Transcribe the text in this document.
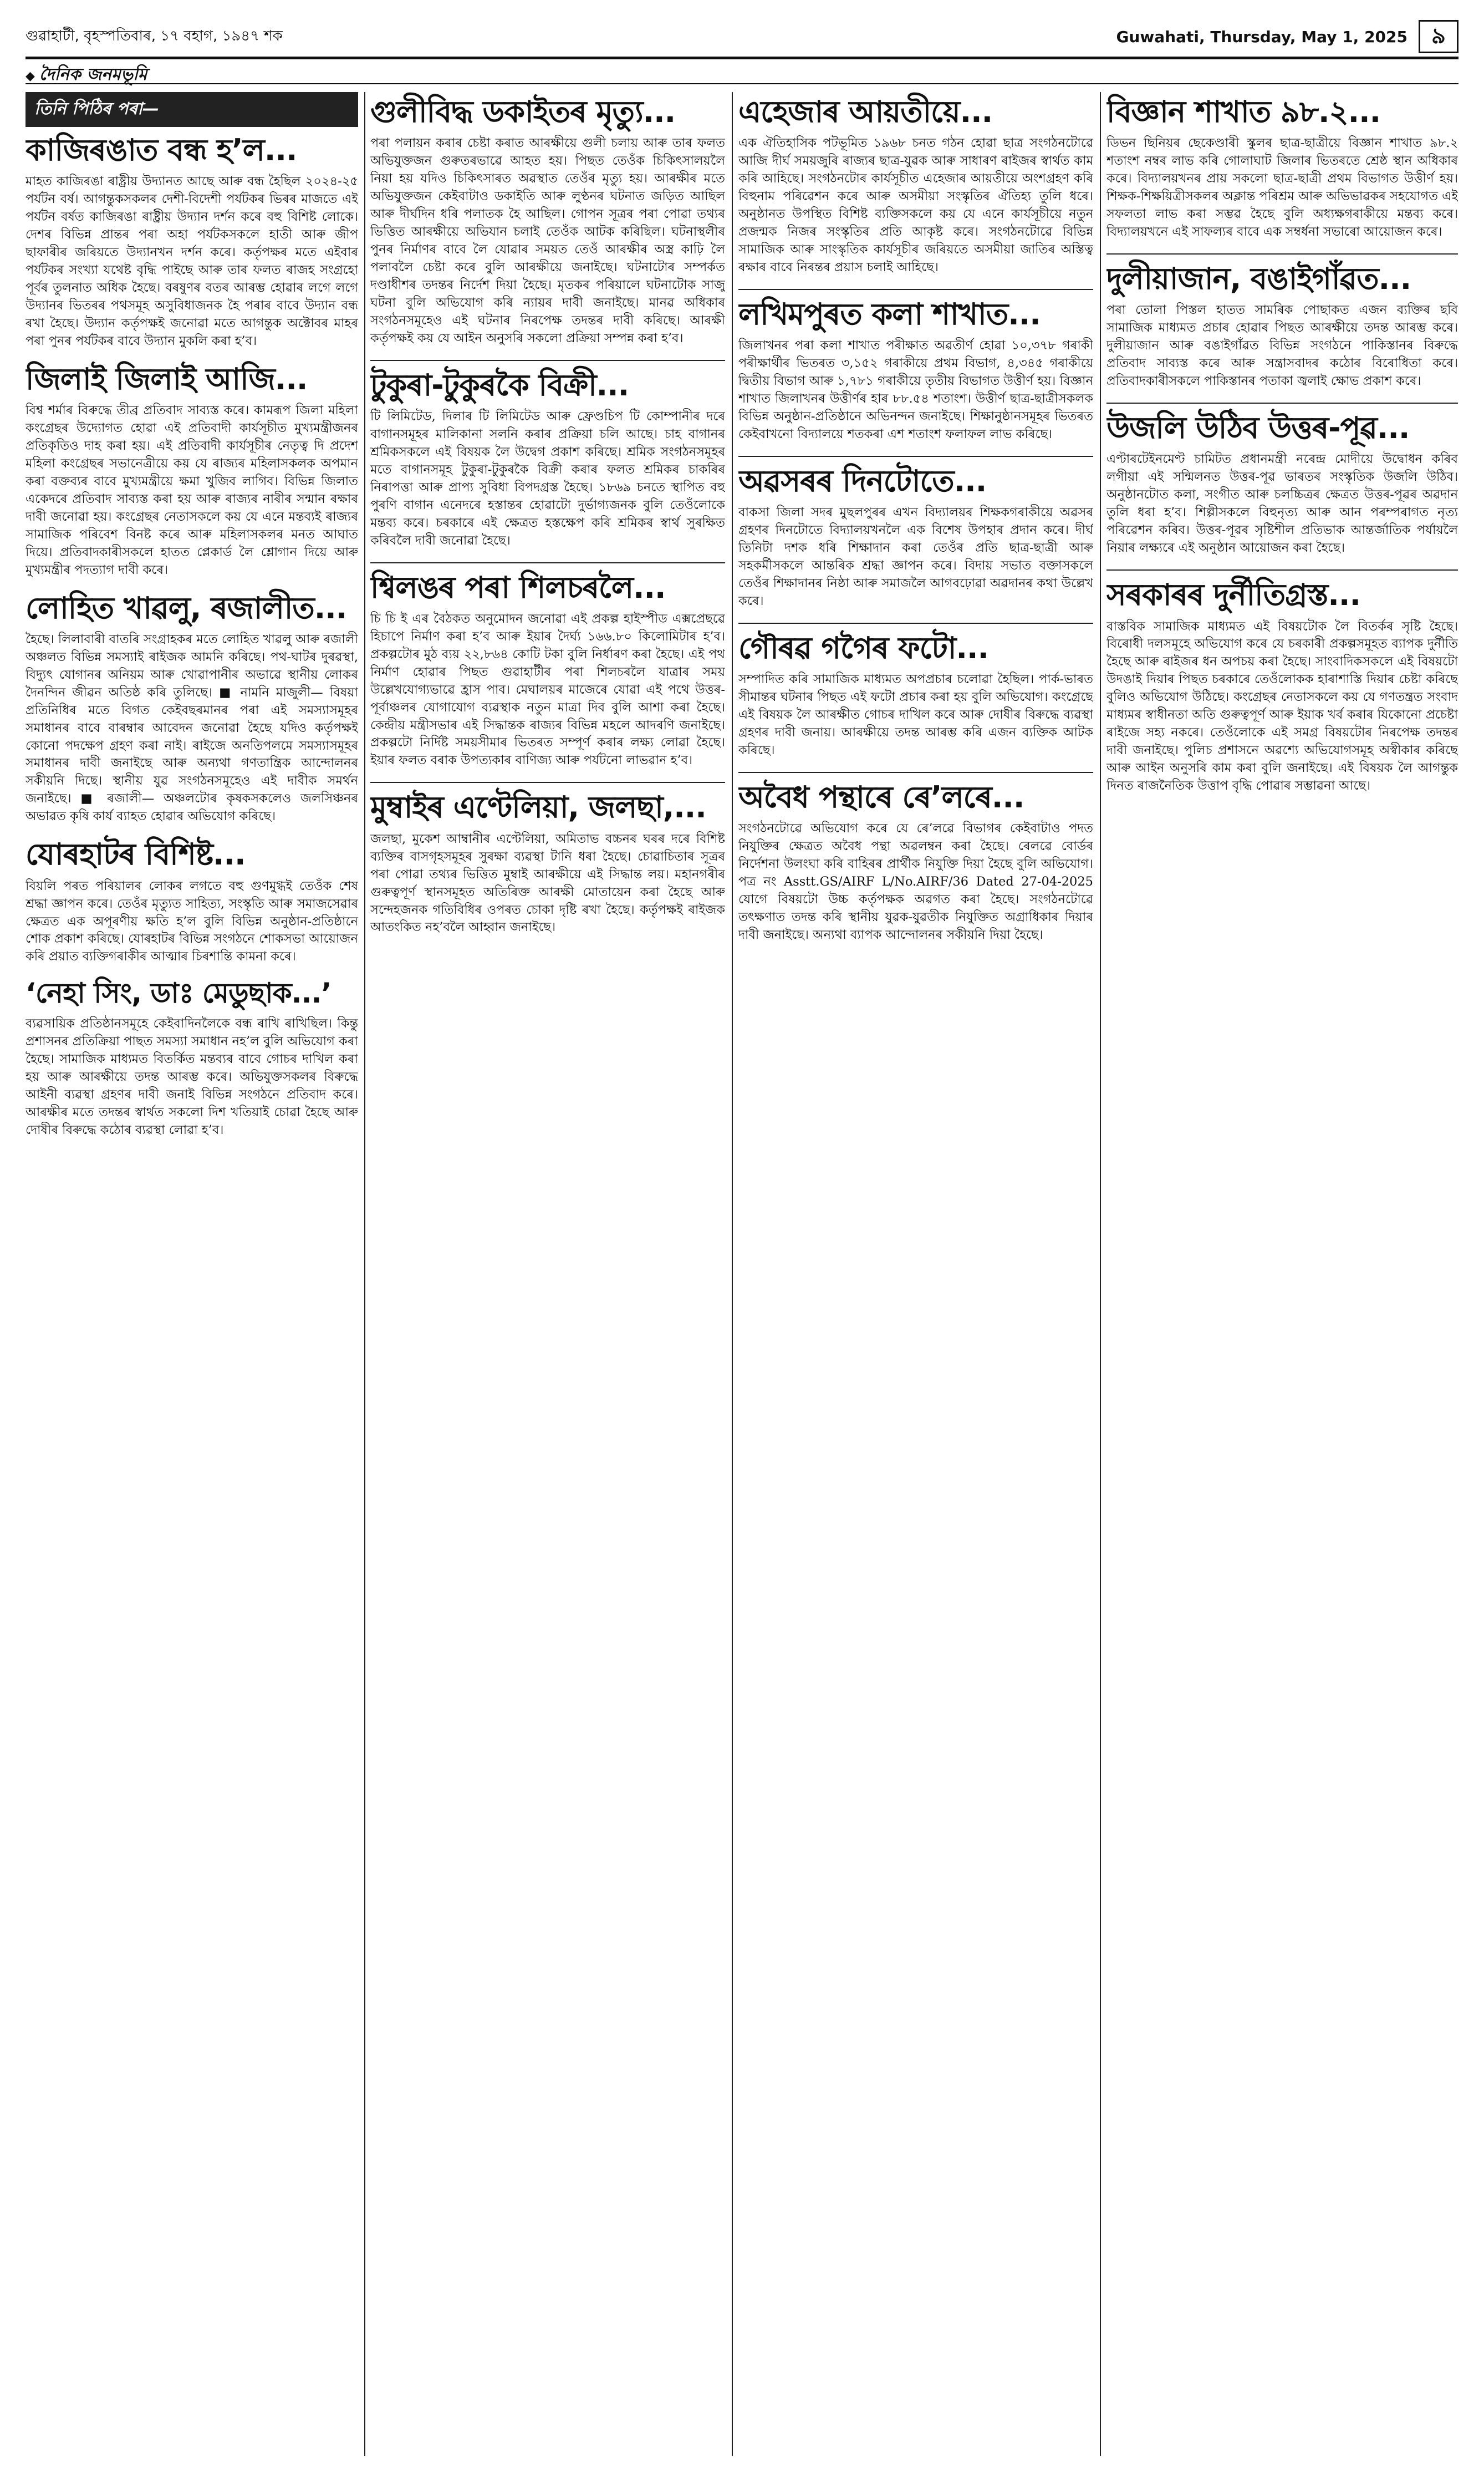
গুৱাহাটী, বৃহস্পতিবাৰ, ১৭ বহাগ, ১৯৪৭ শক	Guwahati, Thursday, May 1, 2025	৯
◆ দৈনিক জনমভূমি
তিনি পিঠিৰ পৰা—
কাজিৰঙাত বন্ধ হ’ল...

মাহত কাজিৰঙা ৰাষ্ট্ৰীয় উদ্যানত আছে আৰু বন্ধ হৈছিল ২০২৪-২৫ পৰ্যটন বৰ্ষ। আগন্তুকসকলৰ দেশী-বিদেশী পৰ্যটকৰ ভিৰৰ মাজতে এই পৰ্যটন বৰ্ষত কাজিৰঙা ৰাষ্ট্ৰীয় উদ্যান দৰ্শন কৰে বহু বিশিষ্ট লোকে। দেশৰ বিভিন্ন প্ৰান্তৰ পৰা অহা পৰ্যটকসকলে হাতী আৰু জীপ ছাফাৰীৰ জৰিয়তে উদ্যানখন দৰ্শন কৰে। কৰ্তৃপক্ষৰ মতে এইবাৰ পৰ্যটকৰ সংখ্যা যথেষ্ট বৃদ্ধি পাইছে আৰু তাৰ ফলত ৰাজহ সংগ্ৰহো পূৰ্বৰ তুলনাত অধিক হৈছে। বৰষুণৰ বতৰ আৰম্ভ হোৱাৰ লগে লগে উদ্যানৰ ভিতৰৰ পথসমূহ অসুবিধাজনক হৈ পৰাৰ বাবে উদ্যান বন্ধ ৰখা হৈছে। উদ্যান কৰ্তৃপক্ষই জনোৱা মতে আগন্তুক অক্টোবৰ মাহৰ পৰা পুনৰ পৰ্যটকৰ বাবে উদ্যান মুকলি কৰা হ’ব।

জিলাই জিলাই আজি...

বিশ্ব শৰ্মাৰ বিৰুদ্ধে তীব্ৰ প্ৰতিবাদ সাব্যস্ত কৰে। কামৰূপ জিলা মহিলা কংগ্ৰেছৰ উদ্যোগত হোৱা এই প্ৰতিবাদী কাৰ্যসূচীত মুখ্যমন্ত্ৰীজনৰ প্ৰতিকৃতিও দাহ কৰা হয়। এই প্ৰতিবাদী কাৰ্যসূচীৰ নেতৃত্ব দি প্ৰদেশ মহিলা কংগ্ৰেছৰ সভানেত্ৰীয়ে কয় যে ৰাজ্যৰ মহিলাসকলক অপমান কৰা বক্তব্যৰ বাবে মুখ্যমন্ত্ৰীয়ে ক্ষমা খুজিব লাগিব। বিভিন্ন জিলাত একেদৰে প্ৰতিবাদ সাব্যস্ত কৰা হয় আৰু ৰাজ্যৰ নাৰীৰ সন্মান ৰক্ষাৰ দাবী জনোৱা হয়। কংগ্ৰেছৰ নেতাসকলে কয় যে এনে মন্তব্যই ৰাজ্যৰ সামাজিক পৰিবেশ বিনষ্ট কৰে আৰু মহিলাসকলৰ মনত আঘাত দিয়ে। প্ৰতিবাদকাৰীসকলে হাতত প্লেকাৰ্ড লৈ শ্লোগান দিয়ে আৰু মুখ্যমন্ত্ৰীৰ পদত্যাগ দাবী কৰে।

লোহিত খাৱলু, ৰজালীত...

হৈছে। লিলাবাৰী বাতৰি সংগ্ৰাহকৰ মতে লোহিত খাৱলু আৰু ৰজালী অঞ্চলত বিভিন্ন সমস্যাই ৰাইজক আমনি কৰিছে। পথ-ঘাটৰ দুৰৱস্থা, বিদ্যুৎ যোগানৰ অনিয়ম আৰু খোৱাপানীৰ অভাৱে স্থানীয় লোকৰ দৈনন্দিন জীৱন অতিষ্ঠ কৰি তুলিছে। ■ নামনি মাজুলী— বিষয়া প্ৰতিনিধিৰ মতে বিগত কেইবছৰমানৰ পৰা এই সমস্যাসমূহৰ সমাধানৰ বাবে বাৰম্বাৰ আবেদন জনোৱা হৈছে যদিও কৰ্তৃপক্ষই কোনো পদক্ষেপ গ্ৰহণ কৰা নাই। ৰাইজে অনতিপলমে সমস্যাসমূহৰ সমাধানৰ দাবী জনাইছে আৰু অন্যথা গণতান্ত্ৰিক আন্দোলনৰ সকীয়নি দিছে। স্থানীয় যুৱ সংগঠনসমূহেও এই দাবীক সমৰ্থন জনাইছে। ■ ৰজালী— অঞ্চলটোৰ কৃষকসকলেও জলসিঞ্চনৰ অভাৱত কৃষি কাৰ্য ব্যাহত হোৱাৰ অভিযোগ কৰিছে।

যোৰহাটৰ বিশিষ্ট...

বিয়লি পৰত পৰিয়ালৰ লোকৰ লগতে বহু গুণমুগ্ধই তেওঁক শেষ শ্ৰদ্ধা জ্ঞাপন কৰে। তেওঁৰ মৃত্যুত সাহিত্য, সংস্কৃতি আৰু সমাজসেৱাৰ ক্ষেত্ৰত এক অপূৰণীয় ক্ষতি হ’ল বুলি বিভিন্ন অনুষ্ঠান-প্ৰতিষ্ঠানে শোক প্ৰকাশ কৰিছে। যোৰহাটৰ বিভিন্ন সংগঠনে শোকসভা আয়োজন কৰি প্ৰয়াত ব্যক্তিগৰাকীৰ আত্মাৰ চিৰশান্তি কামনা কৰে।

‘নেহা সিং, ডাঃ মেডুছাক...’

ব্যৱসায়িক প্ৰতিষ্ঠানসমূহে কেইবাদিনলৈকে বন্ধ ৰাখি ৰাখিছিল। কিন্তু প্ৰশাসনৰ প্ৰতিক্ৰিয়া পাছত সমস্যা সমাধান নহ’ল বুলি অভিযোগ কৰা হৈছে। সামাজিক মাধ্যমত বিতৰ্কিত মন্তব্যৰ বাবে গোচৰ দাখিল কৰা হয় আৰু আৰক্ষীয়ে তদন্ত আৰম্ভ কৰে। অভিযুক্তসকলৰ বিৰুদ্ধে আইনী ব্যৱস্থা গ্ৰহণৰ দাবী জনাই বিভিন্ন সংগঠনে প্ৰতিবাদ কৰে। আৰক্ষীৰ মতে তদন্তৰ স্বাৰ্থত সকলো দিশ খতিয়াই চোৱা হৈছে আৰু দোষীৰ বিৰুদ্ধে কঠোৰ ব্যৱস্থা লোৱা হ’ব।

গুলীবিদ্ধ ডকাইতৰ মৃত্যু...

পৰা পলায়ন কৰাৰ চেষ্টা কৰাত আৰক্ষীয়ে গুলী চলায় আৰু তাৰ ফলত অভিযুক্তজন গুৰুতৰভাৱে আহত হয়। পিছত তেওঁক চিকিৎসালয়লৈ নিয়া হয় যদিও চিকিৎসাৰত অৱস্থাত তেওঁৰ মৃত্যু হয়। আৰক্ষীৰ মতে অভিযুক্তজন কেইবাটাও ডকাইতি আৰু লুণ্ঠনৰ ঘটনাত জড়িত আছিল আৰু দীৰ্ঘদিন ধৰি পলাতক হৈ আছিল। গোপন সূত্ৰৰ পৰা পোৱা তথ্যৰ ভিত্তিত আৰক্ষীয়ে অভিযান চলাই তেওঁক আটক কৰিছিল। ঘটনাস্থলীৰ পুনৰ নিৰ্মাণৰ বাবে লৈ যোৱাৰ সময়ত তেওঁ আৰক্ষীৰ অস্ত্ৰ কাঢ়ি লৈ পলাবলৈ চেষ্টা কৰে বুলি আৰক্ষীয়ে জনাইছে। ঘটনাটোৰ সম্পৰ্কত দণ্ডাধীশৰ তদন্তৰ নিৰ্দেশ দিয়া হৈছে। মৃতকৰ পৰিয়ালে ঘটনাটোক সাজু ঘটনা বুলি অভিযোগ কৰি ন্যায়ৰ দাবী জনাইছে। মানৱ অধিকাৰ সংগঠনসমূহেও এই ঘটনাৰ নিৰপেক্ষ তদন্তৰ দাবী কৰিছে। আৰক্ষী কৰ্তৃপক্ষই কয় যে আইন অনুসৰি সকলো প্ৰক্ৰিয়া সম্পন্ন কৰা হ’ব।

টুকুৰা-টুকুৰকৈ বিক্ৰী...

টি লিমিটেড, দিলাৰ টি লিমিটেড আৰু ফ্ৰেণ্ডচিপ টি কোম্পানীৰ দৰে বাগানসমূহৰ মালিকানা সলনি কৰাৰ প্ৰক্ৰিয়া চলি আছে। চাহ বাগানৰ শ্ৰমিকসকলে এই বিষয়ক লৈ উদ্বেগ প্ৰকাশ কৰিছে। শ্ৰমিক সংগঠনসমূহৰ মতে বাগানসমূহ টুকুৰা-টুকুৰকৈ বিক্ৰী কৰাৰ ফলত শ্ৰমিকৰ চাকৰিৰ নিৰাপত্তা আৰু প্ৰাপ্য সুবিধা বিপদগ্ৰস্ত হৈছে। ১৮৬৯ চনতে স্থাপিত বহু পুৰণি বাগান এনেদৰে হস্তান্তৰ হোৱাটো দুৰ্ভাগ্যজনক বুলি তেওঁলোকে মন্তব্য কৰে। চৰকাৰে এই ক্ষেত্ৰত হস্তক্ষেপ কৰি শ্ৰমিকৰ স্বাৰ্থ সুৰক্ষিত কৰিবলৈ দাবী জনোৱা হৈছে।

শ্বিলঙৰ পৰা শিলচৰলৈ...

চি চি ই এৰ বৈঠকত অনুমোদন জনোৱা এই প্ৰকল্প হাইস্পীড এক্সপ্ৰেছৱে হিচাপে নিৰ্মাণ কৰা হ’ব আৰু ইয়াৰ দৈৰ্ঘ্য ১৬৬.৮০ কিলোমিটাৰ হ’ব। প্ৰকল্পটোৰ মুঠ ব্যয় ২২,৮৬৪ কোটি টকা বুলি নিৰ্ধাৰণ কৰা হৈছে। এই পথ নিৰ্মাণ হোৱাৰ পিছত গুৱাহাটীৰ পৰা শিলচৰলৈ যাত্ৰাৰ সময় উল্লেখযোগ্যভাৱে হ্ৰাস পাব। মেঘালয়ৰ মাজেৰে যোৱা এই পথে উত্তৰ-পূৰ্বাঞ্চলৰ যোগাযোগ ব্যৱস্থাক নতুন মাত্ৰা দিব বুলি আশা কৰা হৈছে। কেন্দ্ৰীয় মন্ত্ৰীসভাৰ এই সিদ্ধান্তক ৰাজ্যৰ বিভিন্ন মহলে আদৰণি জনাইছে। প্ৰকল্পটো নিৰ্দিষ্ট সময়সীমাৰ ভিতৰত সম্পূৰ্ণ কৰাৰ লক্ষ্য লোৱা হৈছে। ইয়াৰ ফলত বৰাক উপত্যকাৰ বাণিজ্য আৰু পৰ্যটনো লাভৱান হ’ব।

মুম্বাইৰ এণ্টেলিয়া, জলছা,...

জলছা, মুকেশ আম্বানীৰ এণ্টেলিয়া, অমিতাভ বচ্চনৰ ঘৰৰ দৰে বিশিষ্ট ব্যক্তিৰ বাসগৃহসমূহৰ সুৰক্ষা ব্যৱস্থা টানি ধৰা হৈছে। চোৱাচিতাৰ সূত্ৰৰ পৰা পোৱা তথ্যৰ ভিত্তিত মুম্বাই আৰক্ষীয়ে এই সিদ্ধান্ত লয়। মহানগৰীৰ গুৰুত্বপূৰ্ণ স্থানসমূহত অতিৰিক্ত আৰক্ষী মোতায়েন কৰা হৈছে আৰু সন্দেহজনক গতিবিধিৰ ওপৰত চোকা দৃষ্টি ৰখা হৈছে। কৰ্তৃপক্ষই ৰাইজক আতংকিত নহ’বলৈ আহ্বান জনাইছে।

এহেজাৰ আয়তীয়ে...

এক ঐতিহাসিক পটভূমিত ১৯৬৮ চনত গঠন হোৱা ছাত্ৰ সংগঠনটোৱে আজি দীৰ্ঘ সময়জুৰি ৰাজ্যৰ ছাত্ৰ-যুৱক আৰু সাধাৰণ ৰাইজৰ স্বাৰ্থত কাম কৰি আহিছে। সংগঠনটোৰ কাৰ্যসূচীত এহেজাৰ আয়তীয়ে অংশগ্ৰহণ কৰি বিহুনাম পৰিৱেশন কৰে আৰু অসমীয়া সংস্কৃতিৰ ঐতিহ্য তুলি ধৰে। অনুষ্ঠানত উপস্থিত বিশিষ্ট ব্যক্তিসকলে কয় যে এনে কাৰ্যসূচীয়ে নতুন প্ৰজন্মক নিজৰ সংস্কৃতিৰ প্ৰতি আকৃষ্ট কৰে। সংগঠনটোৱে বিভিন্ন সামাজিক আৰু সাংস্কৃতিক কাৰ্যসূচীৰ জৰিয়তে অসমীয়া জাতিৰ অস্তিত্ব ৰক্ষাৰ বাবে নিৰন্তৰ প্ৰয়াস চলাই আহিছে।

লখিমপুৰত কলা শাখাত...

জিলাখনৰ পৰা কলা শাখাত পৰীক্ষাত অৱতীৰ্ণ হোৱা ১০,৩৭৮ গৰাকী পৰীক্ষাৰ্থীৰ ভিতৰত ৩,১৫২ গৰাকীয়ে প্ৰথম বিভাগ, ৪,৩৪৫ গৰাকীয়ে দ্বিতীয় বিভাগ আৰু ১,৭৮১ গৰাকীয়ে তৃতীয় বিভাগত উত্তীৰ্ণ হয়। বিজ্ঞান শাখাত জিলাখনৰ উত্তীৰ্ণৰ হাৰ ৮৮.৫৪ শতাংশ। উত্তীৰ্ণ ছাত্ৰ-ছাত্ৰীসকলক বিভিন্ন অনুষ্ঠান-প্ৰতিষ্ঠানে অভিনন্দন জনাইছে। শিক্ষানুষ্ঠানসমূহৰ ভিতৰত কেইবাখনো বিদ্যালয়ে শতকৰা এশ শতাংশ ফলাফল লাভ কৰিছে।

অৱসৰৰ দিনটোতে...

বাকসা জিলা সদৰ মুছলপুৰৰ এখন বিদ্যালয়ৰ শিক্ষকগৰাকীয়ে অৱসৰ গ্ৰহণৰ দিনটোতে বিদ্যালয়খনলৈ এক বিশেষ উপহাৰ প্ৰদান কৰে। দীৰ্ঘ তিনিটা দশক ধৰি শিক্ষাদান কৰা তেওঁৰ প্ৰতি ছাত্ৰ-ছাত্ৰী আৰু সহকৰ্মীসকলে আন্তৰিক শ্ৰদ্ধা জ্ঞাপন কৰে। বিদায় সভাত বক্তাসকলে তেওঁৰ শিক্ষাদানৰ নিষ্ঠা আৰু সমাজলৈ আগবঢ়োৱা অৱদানৰ কথা উল্লেখ কৰে।

গৌৰৱ গগৈৰ ফটো...

সম্পাদিত কৰি সামাজিক মাধ্যমত অপপ্ৰচাৰ চলোৱা হৈছিল। পাৰ্ক-ভাৰত সীমান্তৰ ঘটনাৰ পিছত এই ফটো প্ৰচাৰ কৰা হয় বুলি অভিযোগ। কংগ্ৰেছে এই বিষয়ক লৈ আৰক্ষীত গোচৰ দাখিল কৰে আৰু দোষীৰ বিৰুদ্ধে ব্যৱস্থা গ্ৰহণৰ দাবী জনায়। আৰক্ষীয়ে তদন্ত আৰম্ভ কৰি এজন ব্যক্তিক আটক কৰিছে।

অবৈধ পন্থাৰে ৰে’লৰে...

সংগঠনটোৱে অভিযোগ কৰে যে ৰে’লৱে বিভাগৰ কেইবাটাও পদত নিযুক্তিৰ ক্ষেত্ৰত অবৈধ পন্থা অৱলম্বন কৰা হৈছে। ৰেলৱে বোর্ডৰ নিৰ্দেশনা উলংঘা কৰি বাহিৰৰ প্ৰাৰ্থীক নিযুক্তি দিয়া হৈছে বুলি অভিযোগ। পত্ৰ নং Asstt.GS/AIRF L/No.AIRF/36 Dated 27-04-2025 যোগে বিষয়টো উচ্চ কৰ্তৃপক্ষক অৱগত কৰা হৈছে। সংগঠনটোৱে তৎক্ষণাত তদন্ত কৰি স্থানীয় যুৱক-যুৱতীক নিযুক্তিত অগ্ৰাধিকাৰ দিয়াৰ দাবী জনাইছে। অন্যথা ব্যাপক আন্দোলনৰ সকীয়নি দিয়া হৈছে।

বিজ্ঞান শাখাত ৯৮.২...

ডিভন ছিনিয়ৰ ছেকেণ্ডাৰী স্কুলৰ ছাত্ৰ-ছাত্ৰীয়ে বিজ্ঞান শাখাত ৯৮.২ শতাংশ নম্বৰ লাভ কৰি গোলাঘাট জিলাৰ ভিতৰতে শ্ৰেষ্ঠ স্থান অধিকাৰ কৰে। বিদ্যালয়খনৰ প্ৰায় সকলো ছাত্ৰ-ছাত্ৰী প্ৰথম বিভাগত উত্তীৰ্ণ হয়। শিক্ষক-শিক্ষয়িত্ৰীসকলৰ অক্লান্ত পৰিশ্ৰম আৰু অভিভাৱকৰ সহযোগত এই সফলতা লাভ কৰা সম্ভৱ হৈছে বুলি অধ্যক্ষগৰাকীয়ে মন্তব্য কৰে। বিদ্যালয়খনে এই সাফল্যৰ বাবে এক সম্বৰ্ধনা সভাৰো আয়োজন কৰে।

দুলীয়াজান, বঙাইগাঁৱত...

পৰা তোলা পিস্তল হাতত সামৰিক পোছাকত এজন ব্যক্তিৰ ছবি সামাজিক মাধ্যমত প্ৰচাৰ হোৱাৰ পিছত আৰক্ষীয়ে তদন্ত আৰম্ভ কৰে। দুলীয়াজান আৰু বঙাইগাঁৱত বিভিন্ন সংগঠনে পাকিস্তানৰ বিৰুদ্ধে প্ৰতিবাদ সাব্যস্ত কৰে আৰু সন্ত্ৰাসবাদৰ কঠোৰ বিৰোধিতা কৰে। প্ৰতিবাদকাৰীসকলে পাকিস্তানৰ পতাকা জ্বলাই ক্ষোভ প্ৰকাশ কৰে।

উজলি উঠিব উত্তৰ-পূৱ...

এণ্টাৰটেইনমেণ্ট চামিটত প্ৰধানমন্ত্ৰী নৰেন্দ্ৰ মোদীয়ে উদ্বোধন কৰিব লগীয়া এই সন্মিলনত উত্তৰ-পূৱ ভাৰতৰ সংস্কৃতিক উজলি উঠিব। অনুষ্ঠানটোত কলা, সংগীত আৰু চলচ্চিত্ৰৰ ক্ষেত্ৰত উত্তৰ-পূৱৰ অৱদান তুলি ধৰা হ’ব। শিল্পীসকলে বিহুনৃত্য আৰু আন পৰম্পৰাগত নৃত্য পৰিৱেশন কৰিব। উত্তৰ-পূৱৰ সৃষ্টিশীল প্ৰতিভাক আন্তৰ্জাতিক পৰ্যায়লৈ নিয়াৰ লক্ষ্যৰে এই অনুষ্ঠান আয়োজন কৰা হৈছে।

সৰকাৰৰ দুৰ্নীতিগ্ৰস্ত...

বাস্তবিক সামাজিক মাধ্যমত এই বিষয়টোক লৈ বিতৰ্কৰ সৃষ্টি হৈছে। বিৰোধী দলসমূহে অভিযোগ কৰে যে চৰকাৰী প্ৰকল্পসমূহত ব্যাপক দুৰ্নীতি হৈছে আৰু ৰাইজৰ ধন অপচয় কৰা হৈছে। সাংবাদিকসকলে এই বিষয়টো উদঙাই দিয়াৰ পিছত চৰকাৰে তেওঁলোকক হাৰাশাস্তি দিয়াৰ চেষ্টা কৰিছে বুলিও অভিযোগ উঠিছে। কংগ্ৰেছৰ নেতাসকলে কয় যে গণতন্ত্ৰত সংবাদ মাধ্যমৰ স্বাধীনতা অতি গুৰুত্বপূৰ্ণ আৰু ইয়াক খৰ্ব কৰাৰ যিকোনো প্ৰচেষ্টা ৰাইজে সহ্য নকৰে। তেওঁলোকে এই সমগ্ৰ বিষয়টোৰ নিৰপেক্ষ তদন্তৰ দাবী জনাইছে। পুলিচ প্ৰশাসনে অৱশ্যে অভিযোগসমূহ অস্বীকাৰ কৰিছে আৰু আইন অনুসৰি কাম কৰা বুলি জনাইছে। এই বিষয়ক লৈ আগন্তুক দিনত ৰাজনৈতিক উত্তাপ বৃদ্ধি পোৱাৰ সম্ভাৱনা আছে।
